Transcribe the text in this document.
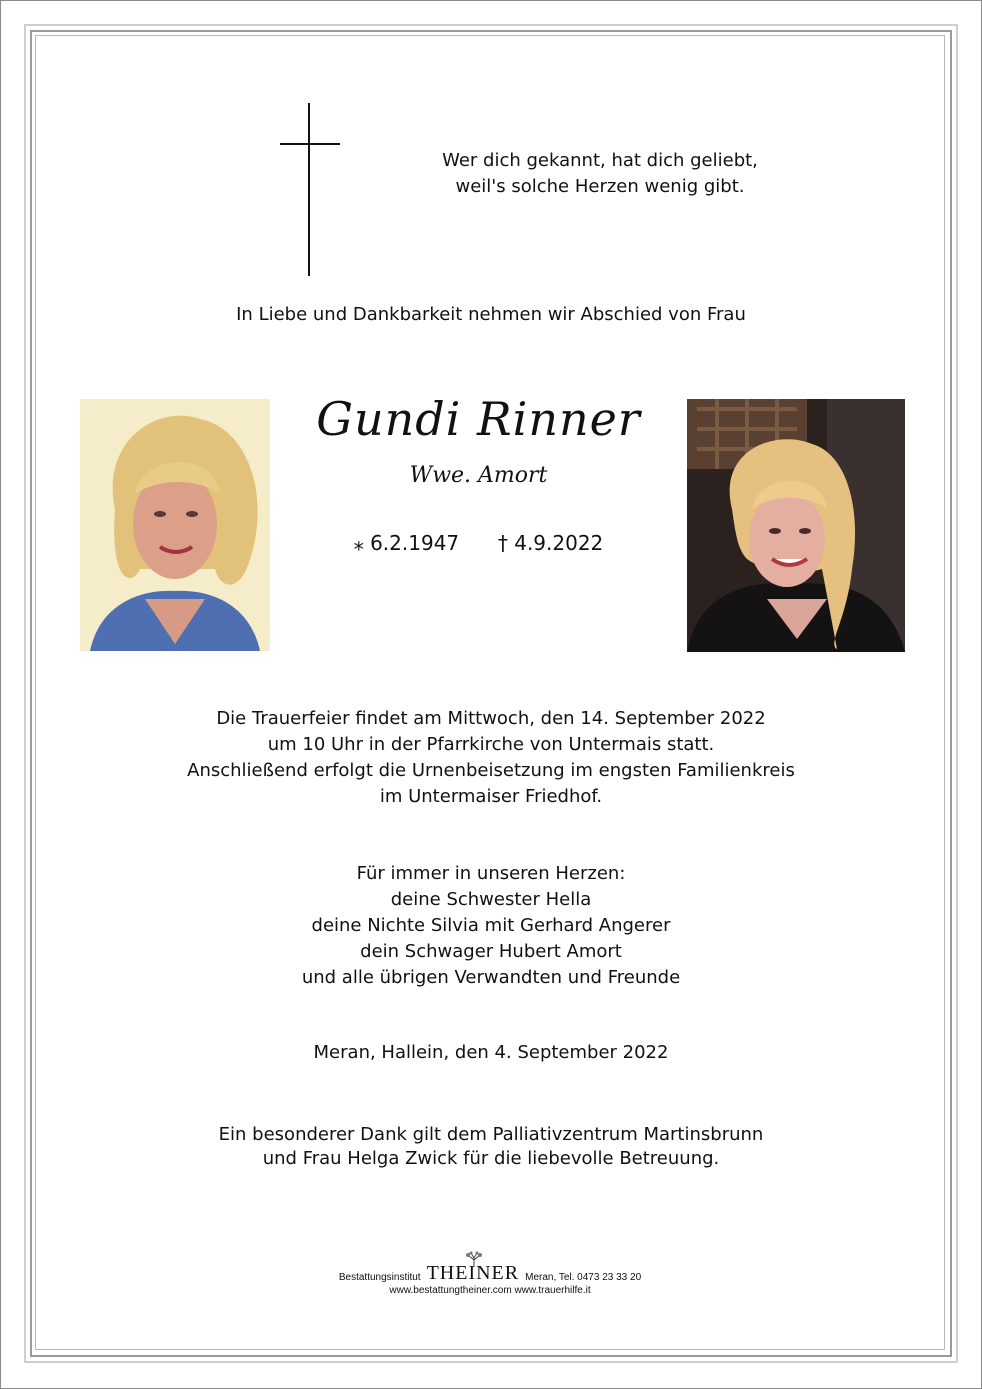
Wer dich gekannt, hat dich geliebt,
weil's solche Herzen wenig gibt.
In Liebe und Dankbarkeit nehmen wir Abschied von Frau
Gundi Rinner
Wwe. Amort
⁎ 6.2.1947 † 4.9.2022
Die Trauerfeier findet am Mittwoch, den 14. September 2022
um 10 Uhr in der Pfarrkirche von Untermais statt.
Anschließend erfolgt die Urnenbeisetzung im engsten Familienkreis
im Untermaiser Friedhof.
Für immer in unseren Herzen:
deine Schwester Hella
deine Nichte Silvia mit Gerhard Angerer
dein Schwager Hubert Amort
und alle übrigen Verwandten und Freunde
Meran, Hallein, den 4. September 2022
Ein besonderer Dank gilt dem Palliativzentrum Martinsbrunn
und Frau Helga Zwick für die liebevolle Betreuung.
Bestattungsinstitut THEINER Meran, Tel. 0473 23 33 20
www.bestattungtheiner.com www.trauerhilfe.it
